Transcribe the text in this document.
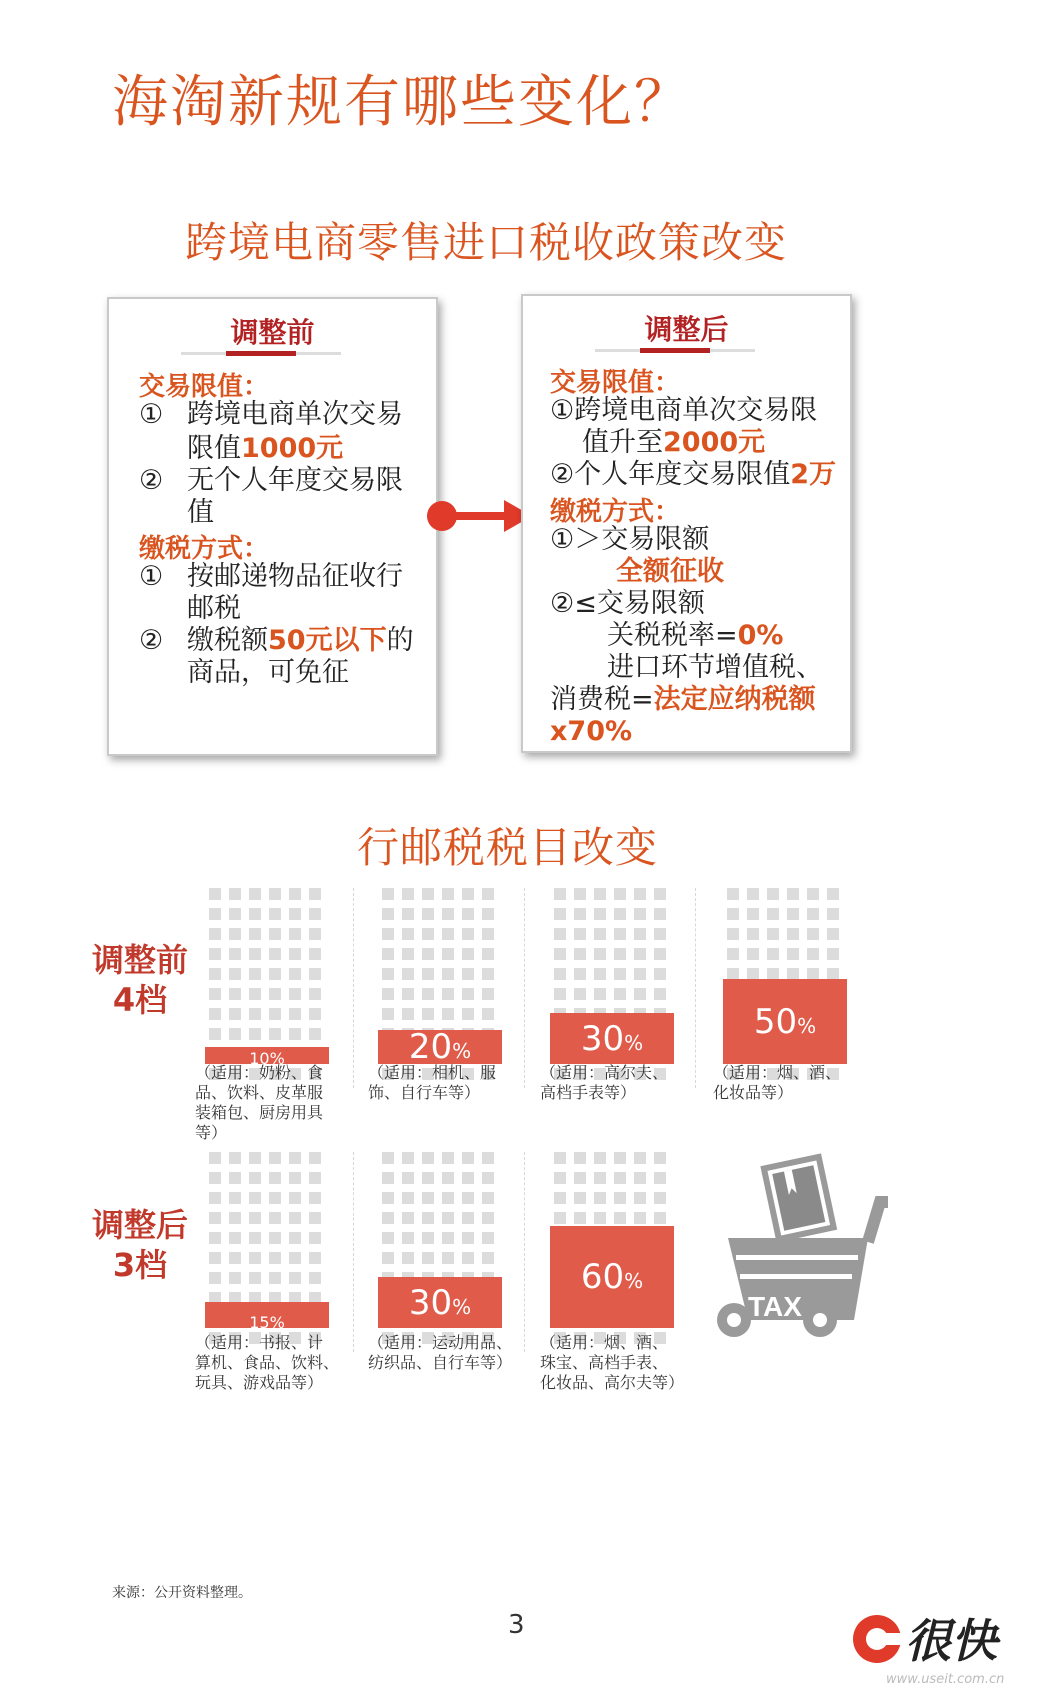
海淘新规有哪些变化？
跨境电商零售进口税收政策改变
调整前
交易限值：
① 跨境电商单次交易
限值1000元
② 无个人年度交易限
值
缴税方式：
① 按邮递物品征收行
邮税
② 缴税额50元以下的
商品，可免征
调整后
交易限值：
①跨境电商单次交易限
值升至2000元
②个人年度交易限值2万
缴税方式：
①＞交易限额
全额征收
②≤交易限额
关税税率=0%
进口环节增值税、
消费税=法定应纳税额
x70%
行邮税税目改变
调整前
4档
调整后
3档
10%
（适用：奶粉、食
品、饮料、皮革服
装箱包、厨房用具
等）
20%
（适用：相机、服
饰、自行车等）
30%
（适用：高尔夫、
高档手表等）
50%
（适用：烟、酒、
化妆品等）
15%
（适用：书报、计
算机、食品、饮料、
玩具、游戏品等）
30%
（适用：运动用品、
纺织品、自行车等）
60%
（适用：烟、酒、
珠宝、高档手表、
化妆品、高尔夫等）
TAX
来源：公开资料整理。
3	很快
www.useit.com.cn
